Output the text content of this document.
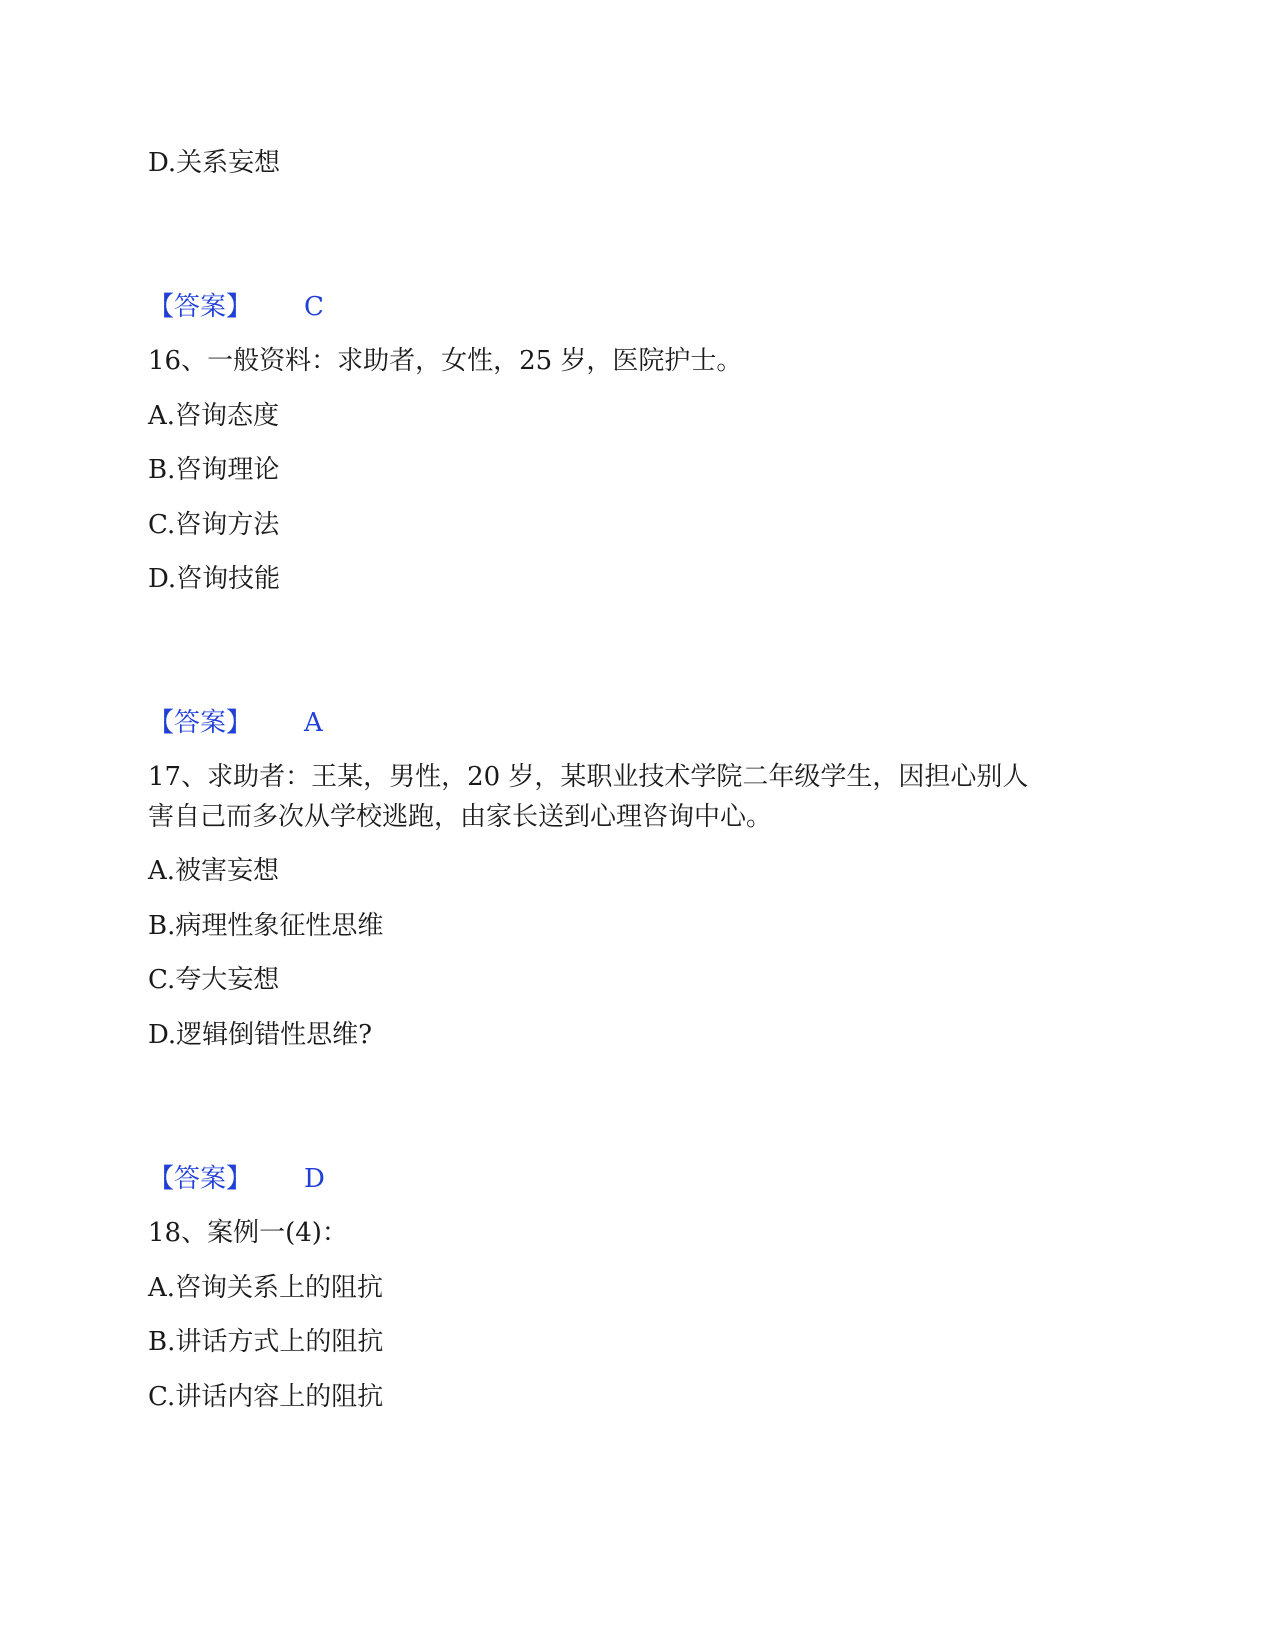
D.关系妄想
【答案】 C
16、一般资料：求助者，女性，25 岁，医院护士。
A.咨询态度
B.咨询理论
C.咨询方法
D.咨询技能
【答案】 A
17、求助者：王某，男性，20 岁，某职业技术学院二年级学生，因担心别人
害自己而多次从学校逃跑，由家长送到心理咨询中心。
A.被害妄想
B.病理性象征性思维
C.夸大妄想
D.逻辑倒错性思维?
【答案】 D
18、案例一(4)：
A.咨询关系上的阻抗
B.讲话方式上的阻抗
C.讲话内容上的阻抗
